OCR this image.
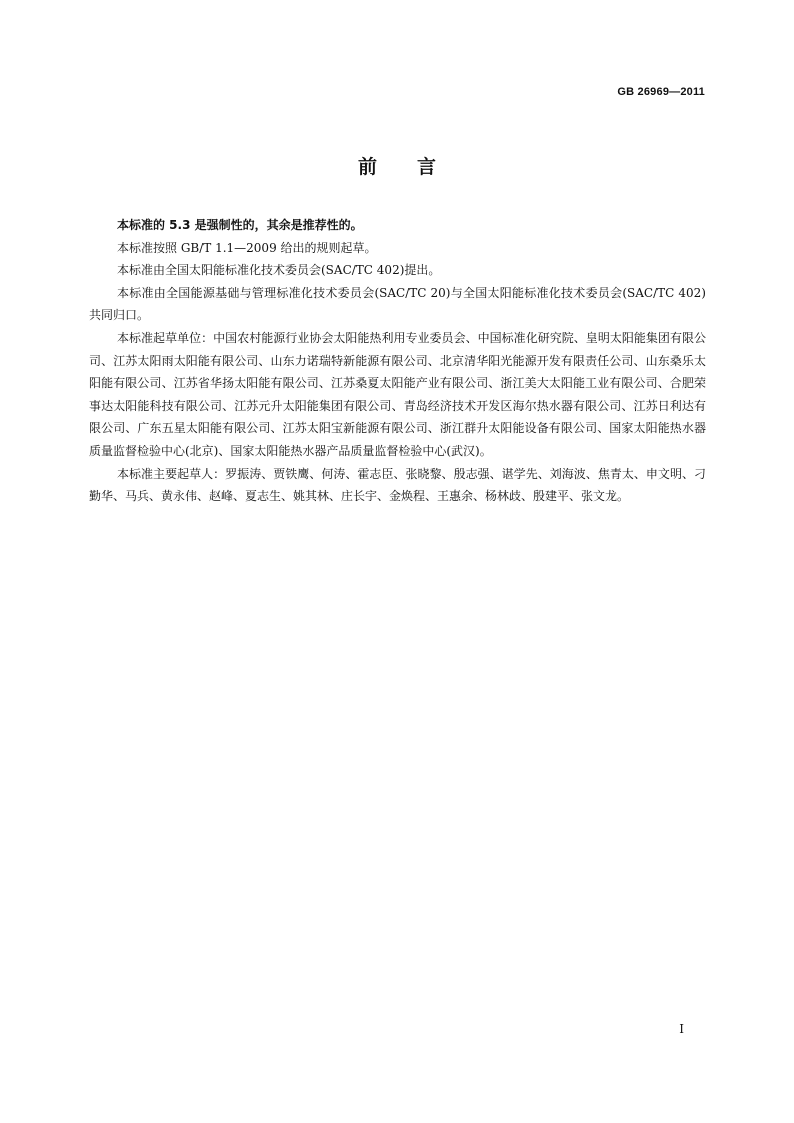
GB 26969—2011
前言

本标准的 5.3 是强制性的，其余是推荐性的。

本标准按照 GB/T 1.1—2009 给出的规则起草。

本标准由全国太阳能标准化技术委员会(SAC/TC 402)提出。

本标准由全国能源基础与管理标准化技术委员会(SAC/TC 20)与全国太阳能标准化技术委员会(SAC/TC 402)共同归口。

本标准起草单位：中国农村能源行业协会太阳能热利用专业委员会、中国标准化研究院、皇明太阳能集团有限公司、江苏太阳雨太阳能有限公司、山东力诺瑞特新能源有限公司、北京清华阳光能源开发有限责任公司、山东桑乐太阳能有限公司、江苏省华扬太阳能有限公司、江苏桑夏太阳能产业有限公司、浙江美大太阳能工业有限公司、合肥荣事达太阳能科技有限公司、江苏元升太阳能集团有限公司、青岛经济技术开发区海尔热水器有限公司、江苏日利达有限公司、广东五星太阳能有限公司、江苏太阳宝新能源有限公司、浙江群升太阳能设备有限公司、国家太阳能热水器质量监督检验中心(北京)、国家太阳能热水器产品质量监督检验中心(武汉)。

本标准主要起草人：罗振涛、贾铁鹰、何涛、霍志臣、张晓黎、殷志强、谌学先、刘海波、焦青太、申文明、刁勤华、马兵、黄永伟、赵峰、夏志生、姚其林、庄长宇、金焕程、王惠余、杨林歧、殷建平、张文龙。

I
